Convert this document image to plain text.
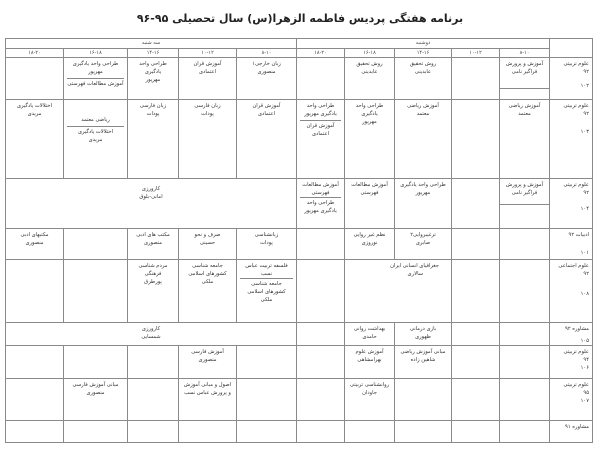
برنامه هفتگی پردیس فاطمه الزهرا(س) سال تحصیلی ۹۵-۹۶
دوشنبه
سه شنبه
۸-۱۰
۱۰-۱۲
۱۴-۱۶
۱۶-۱۸
۱۸-۲۰
۸-۱۰
۱۰-۱۲
۱۴-۱۶
۱۶-۱۸
۱۸-۲۰
علوم تربیتی
۹۲
۱۰۲
آموزش و پرورش
فراگیر نامی
روش تحقیق
عابدینی
روش تحقیق
عابدینی
زبان خارجی۱
منصوری
آموزش قران
اعتمادی
طراحی واحد
یادگیری
مهرپور
طراحی واحد یادگیری
مهرپور
آموزش مطالعات فهرستی
علوم تربیتی
۹۲
۱۰۳
آموزش ریاضی
معتمد
آموزش ریاضی
معتمد
طراحی واحد
یادگیری
مهرپور
طراحی واحد
یادگیری مهرپور
آموزش قران
اعتمادی
آموزش قران
اعتمادی
زبان فارسی
پودات
زبان فارسی
پودات
ریاضی معتمد
اختلالات یادگیری
مریدی
اختلالات یادگیری
مریدی
علوم تربیتی
۹۲
۱۰۴
آموزش و پرورش
فراگیر نامی
طراحی واحد یادگیری
مهرپور
آموزش مطالعات
فهرستی
آموزش مطالعات
فهرستی
طراحی واحد
یادگیری مهرپور
کارورزی
امانی-بلوق
ادبیات ۹۲
۱۰۱
ترغیبروایی۲
صابری
نظم غیر روایی
نوروزی
زبانشناسی
پودات
صرف و نحو
حسینی
مکتب های ادبی
منصوری
مکتبهای ادبی
منصوری
علوم اجتماعی
۹۲
۱۰۸
جغرافیای انسانی ایران
سالاری
فلسفه تربیت عباس
نسب
جامعه شناسی
کشورهای اسلامی
ملکی
جامعه شناسی
کشورهای اسلامی
ملکی
مردم شناسی
فرهنگی
پورطرق
مشاوره ۹۲
۱۰۵
بازی درمانی
ظهوری
بهداشت روانی
حامدی
کارورزی
شمسایی
علوم تربیتی
۹۴
۱۰۶
مبانی آموزش ریاضی
شاهین زاده
آموزش علوم
بهرامشاهی
آموزش فارسی
منصوری
علوم تربیتی
۹۵
۱۰۷
روانشناسی تربیتی
جاودان
اصول و مبانی آموزش
و پرورش عباس نسب
مبانی آموزش فارسی
منصوری
مشاوره ۹۱
